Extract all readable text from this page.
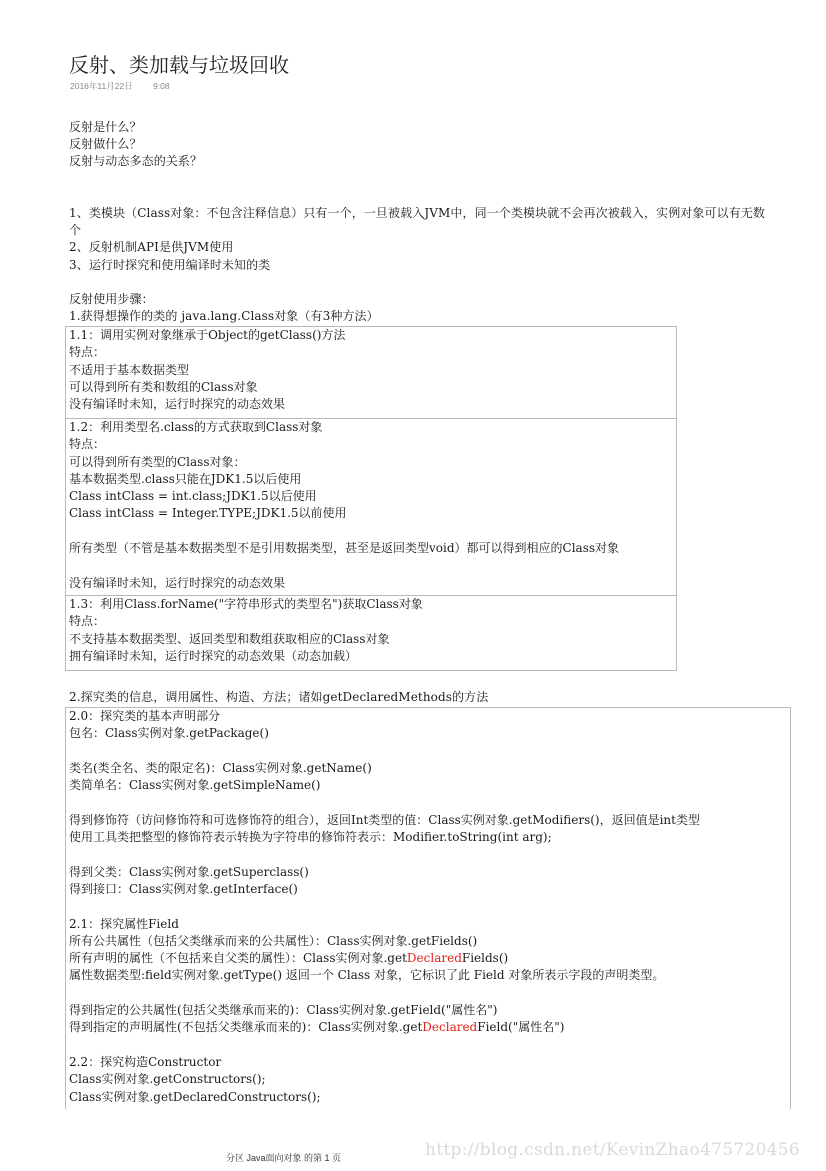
反射、类加载与垃圾回收
2016年11月22日 9:08
反射是什么？
反射做什么？
反射与动态多态的关系？
1、类模块（Class对象：不包含注释信息）只有一个，一旦被载入JVM中，同一个类模块就不会再次被载入，实例对象可以有无数
个
2、反射机制API是供JVM使用
3、运行时探究和使用编译时未知的类
反射使用步骤：
1.获得想操作的类的 java.lang.Class对象（有3种方法）
1.1：调用实例对象继承于Object的getClass()方法
特点：
不适用于基本数据类型
可以得到所有类和数组的Class对象
没有编译时未知，运行时探究的动态效果
1.2：利用类型名.class的方式获取到Class对象
特点：
可以得到所有类型的Class对象：
基本数据类型.class只能在JDK1.5以后使用
Class intClass = int.class;JDK1.5以后使用
Class intClass = Integer.TYPE;JDK1.5以前使用
所有类型（不管是基本数据类型不是引用数据类型，甚至是返回类型void）都可以得到相应的Class对象
没有编译时未知，运行时探究的动态效果
1.3：利用Class.forName("字符串形式的类型名")获取Class对象
特点：
不支持基本数据类型、返回类型和数组获取相应的Class对象
拥有编译时未知，运行时探究的动态效果（动态加载）
2.探究类的信息，调用属性、构造、方法；诸如getDeclaredMethods的方法
2.0：探究类的基本声明部分
包名：Class实例对象.getPackage()
类名(类全名、类的限定名)：Class实例对象.getName()
类简单名：Class实例对象.getSimpleName()
得到修饰符（访问修饰符和可选修饰符的组合），返回Int类型的值：Class实例对象.getModifiers()，返回值是int类型
使用工具类把整型的修饰符表示转换为字符串的修饰符表示：Modifier.toString(int arg);
得到父类：Class实例对象.getSuperclass()
得到接口：Class实例对象.getInterface()
2.1：探究属性Field
所有公共属性（包括父类继承而来的公共属性）：Class实例对象.getFields()
所有声明的属性（不包括来自父类的属性）：Class实例对象.getDeclaredFields()
属性数据类型:field实例对象.getType() 返回一个 Class 对象，它标识了此 Field 对象所表示字段的声明类型。
得到指定的公共属性(包括父类继承而来的)：Class实例对象.getField("属性名")
得到指定的声明属性(不包括父类继承而来的)：Class实例对象.getDeclaredField("属性名")
2.2：探究构造Constructor
Class实例对象.getConstructors();
Class实例对象.getDeclaredConstructors();
http://blog.csdn.net/KevinZhao475720456
分区 Java面向对象 的第 1 页
